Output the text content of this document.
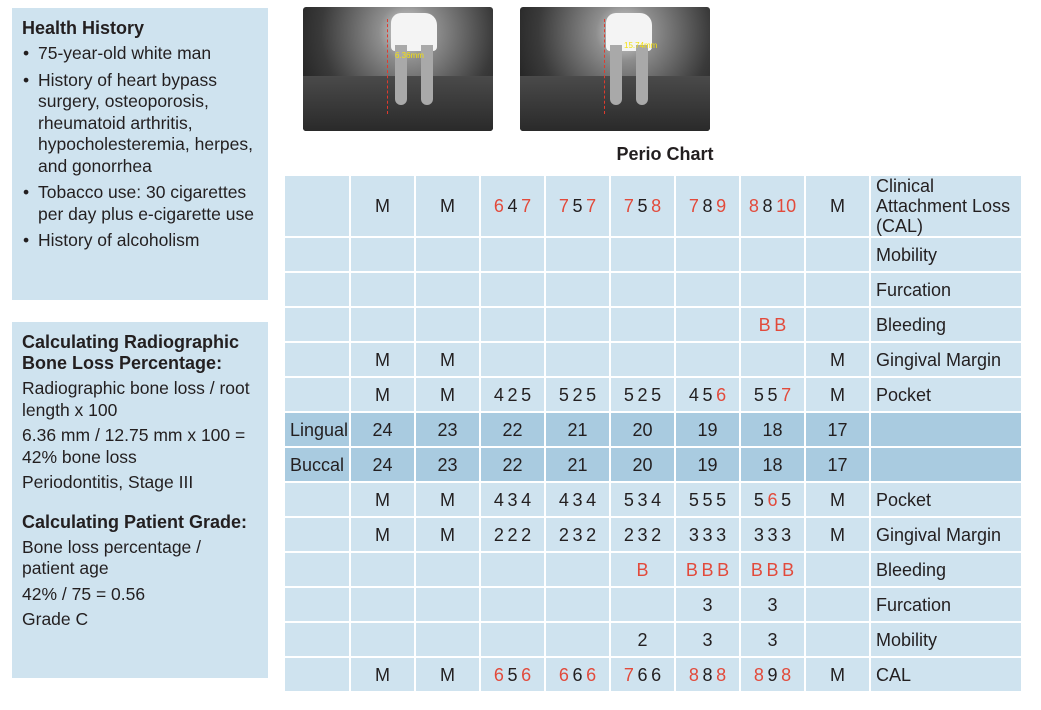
Health History
• 75-year-old white man
• History of heart bypass surgery, osteoporosis, rheumatoid arthritis, hypocholesteremia, herpes, and gonorrhea
• Tobacco use: 30 cigarettes per day plus e-cigarette use
• History of alcoholism
Calculating Radiographic Bone Loss Percentage:
Radiographic bone loss / root length x 100
6.36 mm / 12.75 mm x 100 = 42% bone loss
Periodontitis, Stage III
Calculating Patient Grade:
Bone loss percentage / patient age
42% / 75 = 0.56
Grade C
6.36mm
15.74mm
Perio Chart
	M	M	6  4  7	7  5  7	7  5  8	7  8  9	8  8  10	M	Clinical Attachment Loss (CAL)
									Mobility
									Furcation
							B  B		Bleeding
	M	M						M	Gingival Margin
	M	M	4  2  5	5  2  5	5  2  5	4  5  6	5  5  7	M	Pocket
Lingual	24	23	22	21	20	19	18	17	
Buccal	24	23	22	21	20	19	18	17	
	M	M	4  3  4	4  3  4	5  3  4	5  5  5	5  6  5	M	Pocket
	M	M	2  2  2	2  3  2	2  3  2	3  3  3	3  3  3	M	Gingival Margin
					B	B  B  B	B  B  B		Bleeding
						3	3		Furcation
					2	3	3		Mobility
	M	M	6  5  6	6  6  6	7  6  6	8  8  8	8  9  8	M	CAL
